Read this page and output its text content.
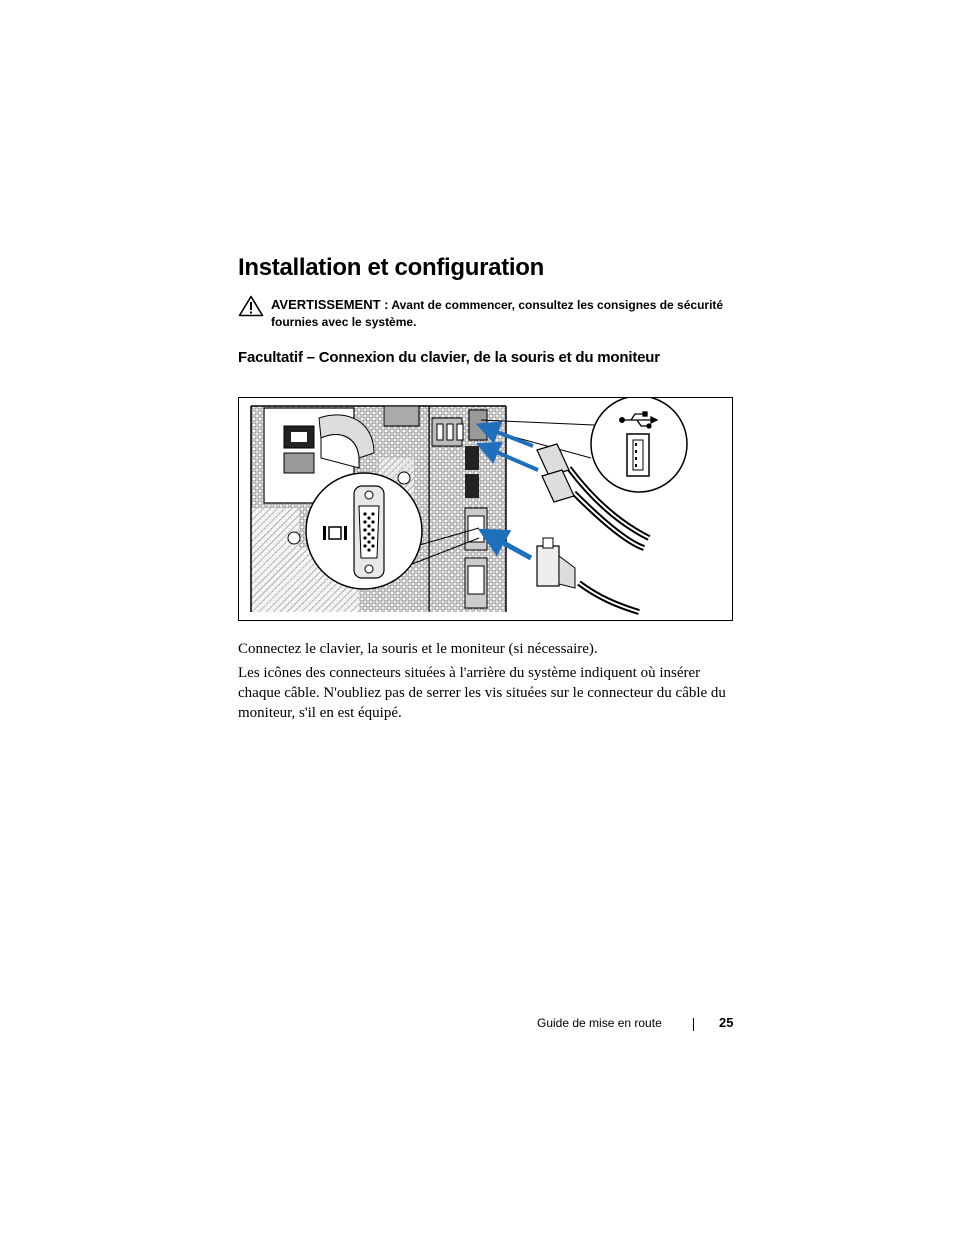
Installation et configuration
AVERTISSEMENT : Avant de commencer, consultez les consignes de sécurité fournies avec le système.
Facultatif – Connexion du clavier, de la souris et du moniteur

Connectez le clavier, la souris et le moniteur (si nécessaire).

Les icônes des connecteurs situées à l'arrière du système indiquent où insérer chaque câble. N'oubliez pas de serrer les vis situées sur le connecteur du câble du moniteur, s'il en est équipé.

Guide de mise en route	25
